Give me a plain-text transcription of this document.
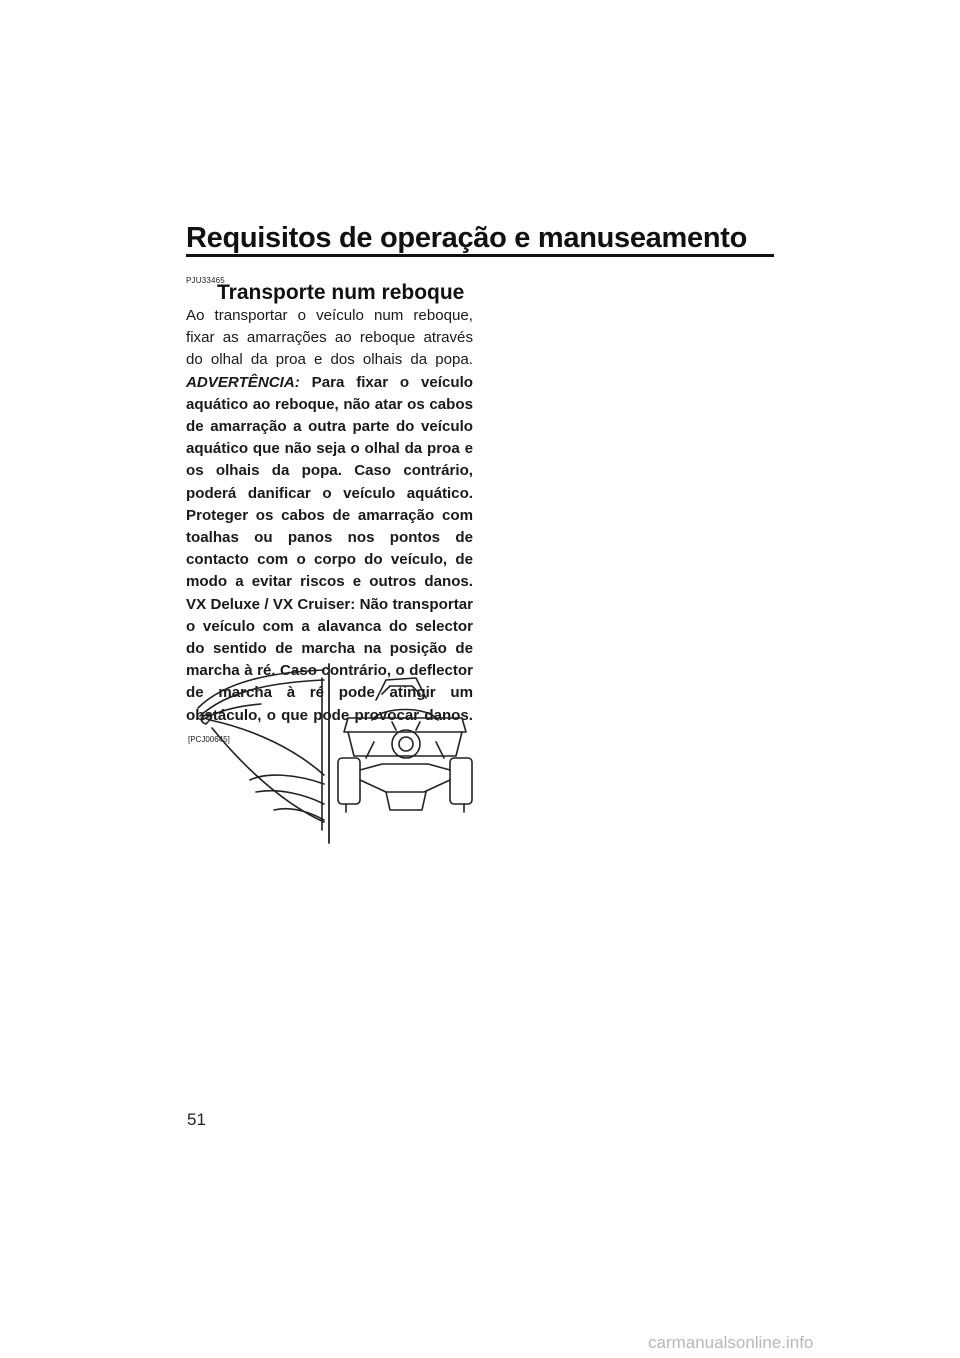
Requisitos de operação e manuseamento
PJU33465
Transporte num reboque
Ao transportar o veículo num reboque, fixar as amarrações ao reboque através do olhal da proa e dos olhais da popa. ADVERTÊNCIA: Para fixar o veículo aquático ao reboque, não atar os cabos de amarração a outra parte do veículo aquático que não seja o olhal da proa e os olhais da popa. Caso contrário, poderá danificar o veículo aquático. Proteger os cabos de amarração com toalhas ou panos nos pontos de contacto com o corpo do veículo, de modo a evitar riscos e outros danos. VX Deluxe / VX Cruiser: Não transportar o veículo com a alavanca do selector do sentido de marcha na posição de marcha à ré. Caso contrário, o deflector de marcha à ré pode atingir um obstáculo, o que pode provocar danos. [PCJ00645]
51
carmanualsonline.info
